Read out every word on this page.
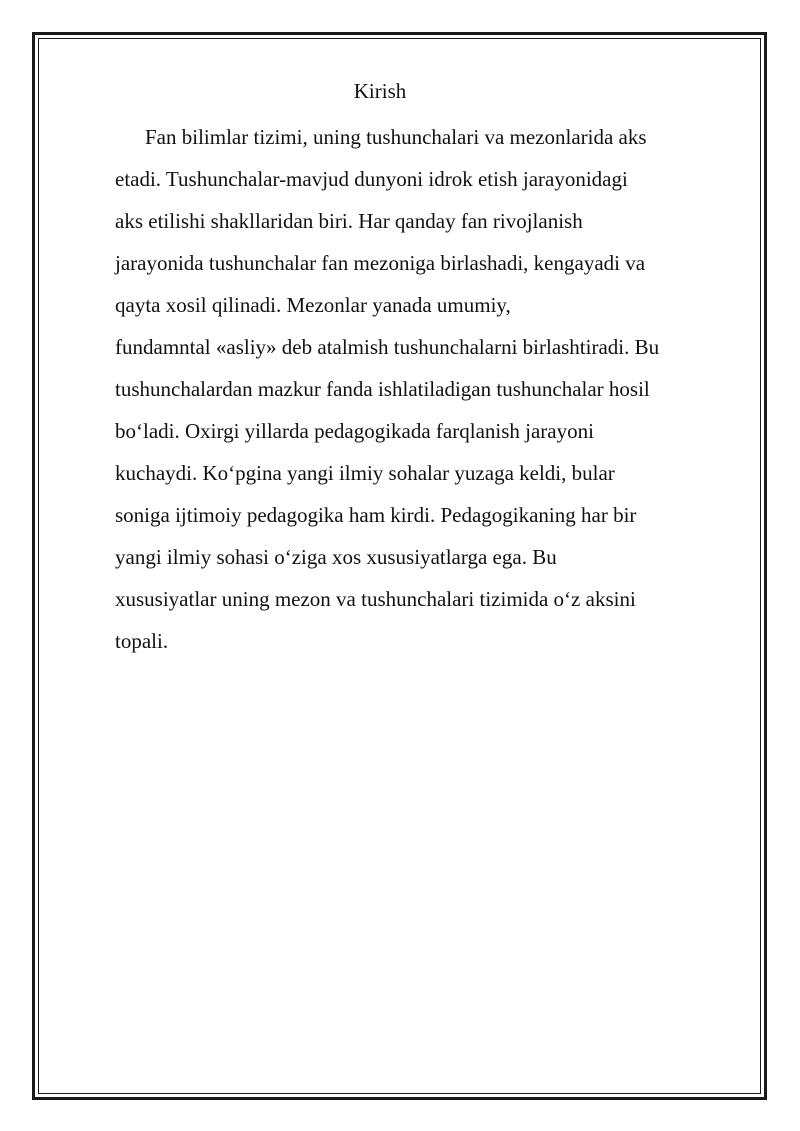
Kirish
Fan bilimlar tizimi, uning tushunchalari va mezonlarida aks
etadi. Tushunchalar-mavjud dunyoni idrok etish jarayonidagi
aks etilishi shakllaridan biri. Har qanday fan rivojlanish
jarayonida tushunchalar fan mezoniga birlashadi, kengayadi va
qayta xosil qilinadi. Mezonlar yanada umumiy,
fundamntal «asliy» deb atalmish tushunchalarni birlashtiradi. Bu
tushunchalardan mazkur fanda ishlatiladigan tushunchalar hosil
bo‘ladi. Oxirgi yillarda pedagogikada farqlanish jarayoni
kuchaydi. Ko‘pgina yangi ilmiy sohalar yuzaga keldi, bular
soniga ijtimoiy pedagogika ham kirdi. Pedagogikaning har bir
yangi ilmiy sohasi o‘ziga xos xususiyatlarga ega. Bu
xususiyatlar uning mezon va tushunchalari tizimida o‘z aksini
topali.
